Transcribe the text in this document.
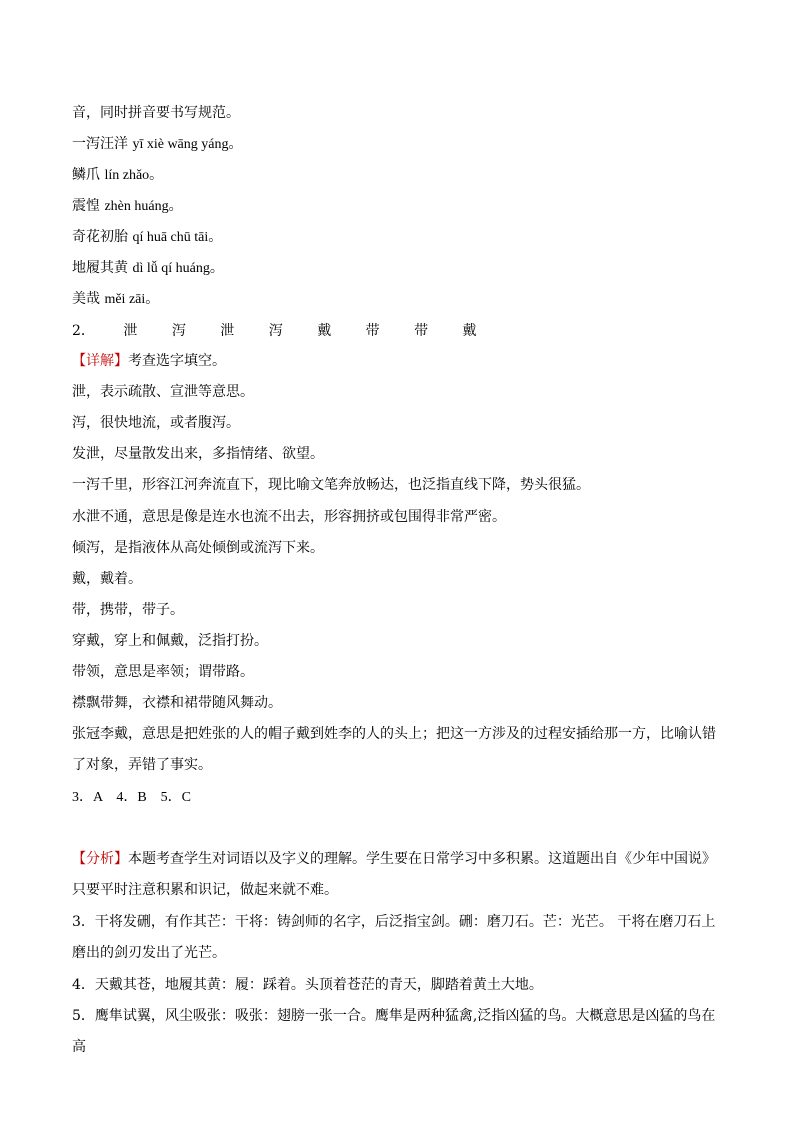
音，同时拼音要书写规范。
一泻汪洋 yī xiè wāng yáng。
鳞爪 lín zhǎo。
震惶 zhèn huáng。
奇花初胎 qí huā chū tāi。
地履其黄 dì lǚ qí huáng。
美哉 měi zāi。
2． 泄 泻 泄 泻 戴 带 带 戴
【详解】考查选字填空。
泄，表示疏散、宣泄等意思。
泻，很快地流，或者腹泻。
发泄，尽量散发出来，多指情绪、欲望。
一泻千里，形容江河奔流直下，现比喻文笔奔放畅达，也泛指直线下降，势头很猛。
水泄不通，意思是像是连水也流不出去，形容拥挤或包围得非常严密。
倾泻，是指液体从高处倾倒或流泻下来。
戴，戴着。
带，携带，带子。
穿戴，穿上和佩戴，泛指打扮。
带领，意思是率领；谓带路。
襟飘带舞，衣襟和裙带随风舞动。
张冠李戴，意思是把姓张的人的帽子戴到姓李的人的头上；把这一方涉及的过程安插给那一方，比喻认错了对象，弄错了事实。
3．A　4．B　5．C
【分析】本题考查学生对词语以及字义的理解。学生要在日常学习中多积累。这道题出自《少年中国说》只要平时注意积累和识记，做起来就不难。
3．干将发硎，有作其芒：干将：铸剑师的名字，后泛指宝剑。硎：磨刀石。芒：光芒。 干将在磨刀石上磨出的剑刃发出了光芒。
4．天戴其苍，地履其黄：履：踩着。头顶着苍茫的青天，脚踏着黄土大地。
5．鹰隼试翼，风尘吸张：吸张：翅膀一张一合。鹰隼是两种猛禽,泛指凶猛的鸟。大概意思是凶猛的鸟在高
